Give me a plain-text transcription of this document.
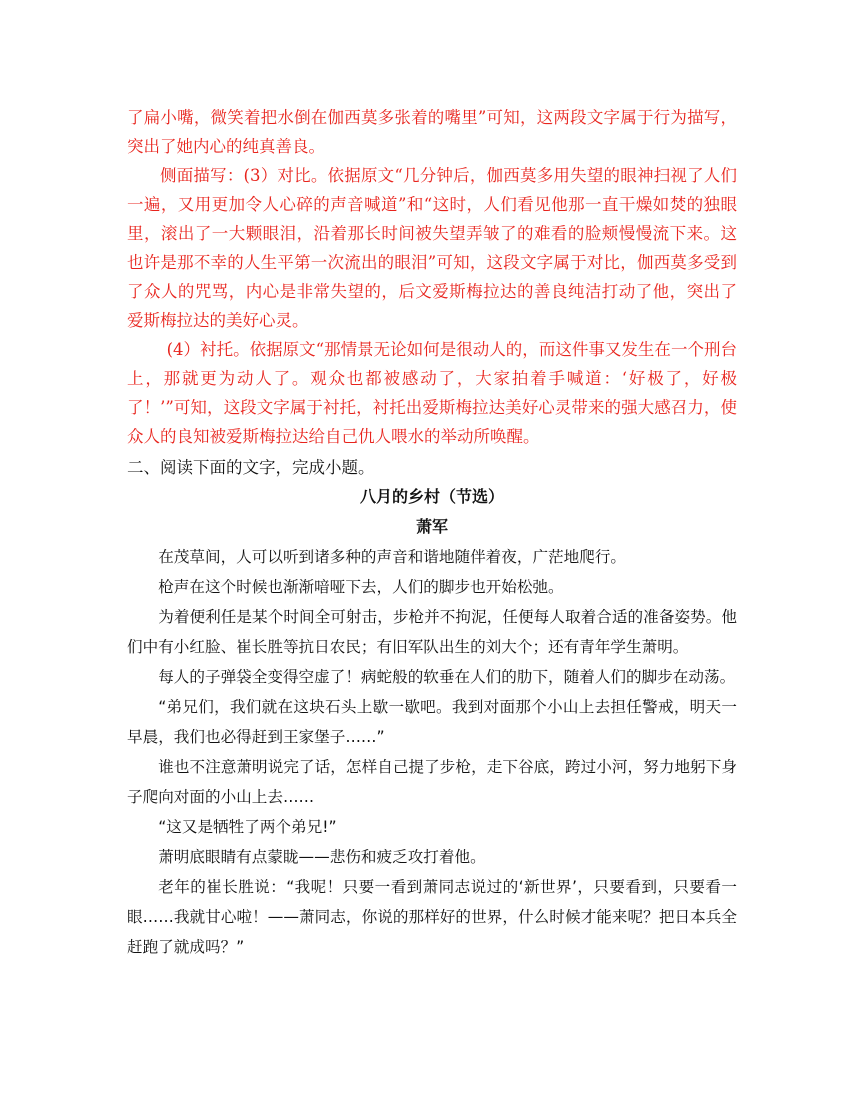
了扁小嘴，微笑着把水倒在伽西莫多张着的嘴里”可知，这两段文字属于行为描写，突出了她内心的纯真善良。

侧面描写：(3）对比。依据原文“几分钟后，伽西莫多用失望的眼神扫视了人们一遍，又用更加令人心碎的声音喊道”和“这时，人们看见他那一直干燥如焚的独眼里，滚出了一大颗眼泪，沿着那长时间被失望弄皱了的难看的脸颊慢慢流下来。这也许是那不幸的人生平第一次流出的眼泪”可知，这段文字属于对比，伽西莫多受到了众人的咒骂，内心是非常失望的，后文爱斯梅拉达的善良纯洁打动了他，突出了爱斯梅拉达的美好心灵。

(4）衬托。依据原文“那情景无论如何是很动人的，而这件事又发生在一个刑台上，那就更为动人了。观众也都被感动了，大家拍着手喊道：‘好极了，好极了！’”可知，这段文字属于衬托，衬托出爱斯梅拉达美好心灵带来的强大感召力，使众人的良知被爱斯梅拉达给自己仇人喂水的举动所唤醒。

二、阅读下面的文字，完成小题。

八月的乡村（节选）

萧军

在茂草间，人可以听到诸多种的声音和谐地随伴着夜，广茫地爬行。

枪声在这个时候也渐渐喑哑下去，人们的脚步也开始松弛。

为着便利任是某个时间全可射击，步枪并不拘泥，任便每人取着合适的准备姿势。他们中有小红脸、崔长胜等抗日农民；有旧军队出生的刘大个；还有青年学生萧明。

每人的子弹袋全变得空虚了！病蛇般的软垂在人们的肋下，随着人们的脚步在动荡。

“弟兄们，我们就在这块石头上歇一歇吧。我到对面那个小山上去担任警戒，明天一早晨，我们也必得赶到王家堡子……”

谁也不注意萧明说完了话，怎样自己提了步枪，走下谷底，跨过小河，努力地躬下身子爬向对面的小山上去……

“这又是牺牲了两个弟兄!”

萧明底眼睛有点蒙眬——悲伤和疲乏攻打着他。

老年的崔长胜说：“我呢！只要一看到萧同志说过的‘新世界’，只要看到，只要看一眼……我就甘心啦！——萧同志，你说的那样好的世界，什么时候才能来呢？把日本兵全赶跑了就成吗？”
